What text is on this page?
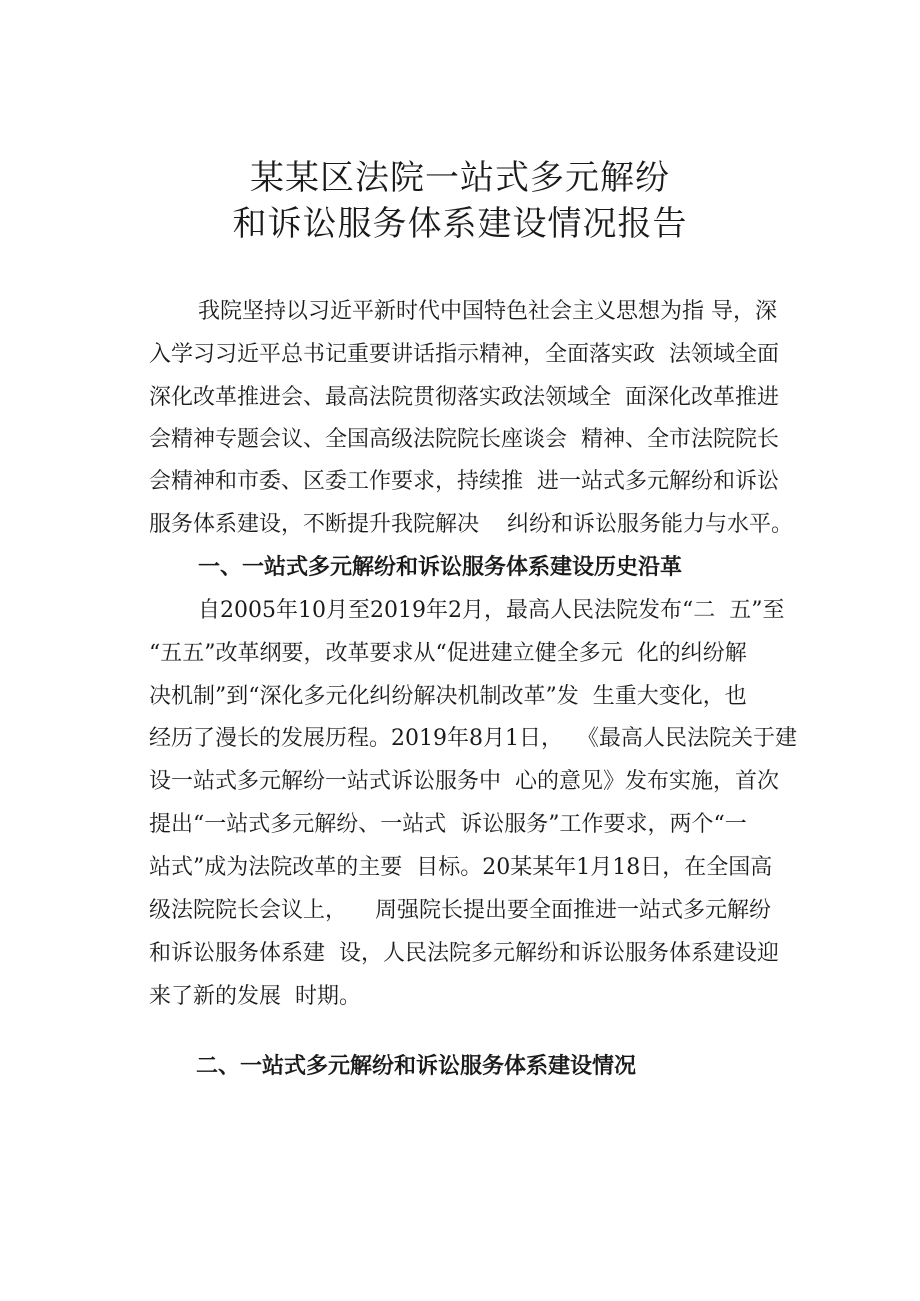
某某区法院一站式多元解纷
和诉讼服务体系建设情况报告
我院坚持以习近平新时代中国特色社会主义思想为指 导，深
入学习习近平总书记重要讲话指示精神，全面落实政  法领域全面
深化改革推进会、最高法院贯彻落实政法领域全  面深化改革推进
会精神专题会议、全国高级法院院长座谈会  精神、全市法院院长
会精神和市委、区委工作要求，持续推  进一站式多元解纷和诉讼
服务体系建设，不断提升我院解决    纠纷和诉讼服务能力与水平。
一、一站式多元解纷和诉讼服务体系建设历史沿革
自2005年10月至2019年2月，最高人民法院发布“二  五”至
“五五”改革纲要，改革要求从“促进建立健全多元  化的纠纷解
决机制”到“深化多元化纠纷解决机制改革”发  生重大变化，也
经历了漫长的发展历程。2019年8月1日，  《最高人民法院关于建
设一站式多元解纷一站式诉讼服务中  心的意见》发布实施，首次
提出“一站式多元解纷、一站式  诉讼服务”工作要求，两个“一
站式”成为法院改革的主要  目标。20某某年1月18日，在全国高
级法院院长会议上，    周强院长提出要全面推进一站式多元解纷
和诉讼服务体系建  设，人民法院多元解纷和诉讼服务体系建设迎
来了新的发展  时期。
二、一站式多元解纷和诉讼服务体系建设情况
